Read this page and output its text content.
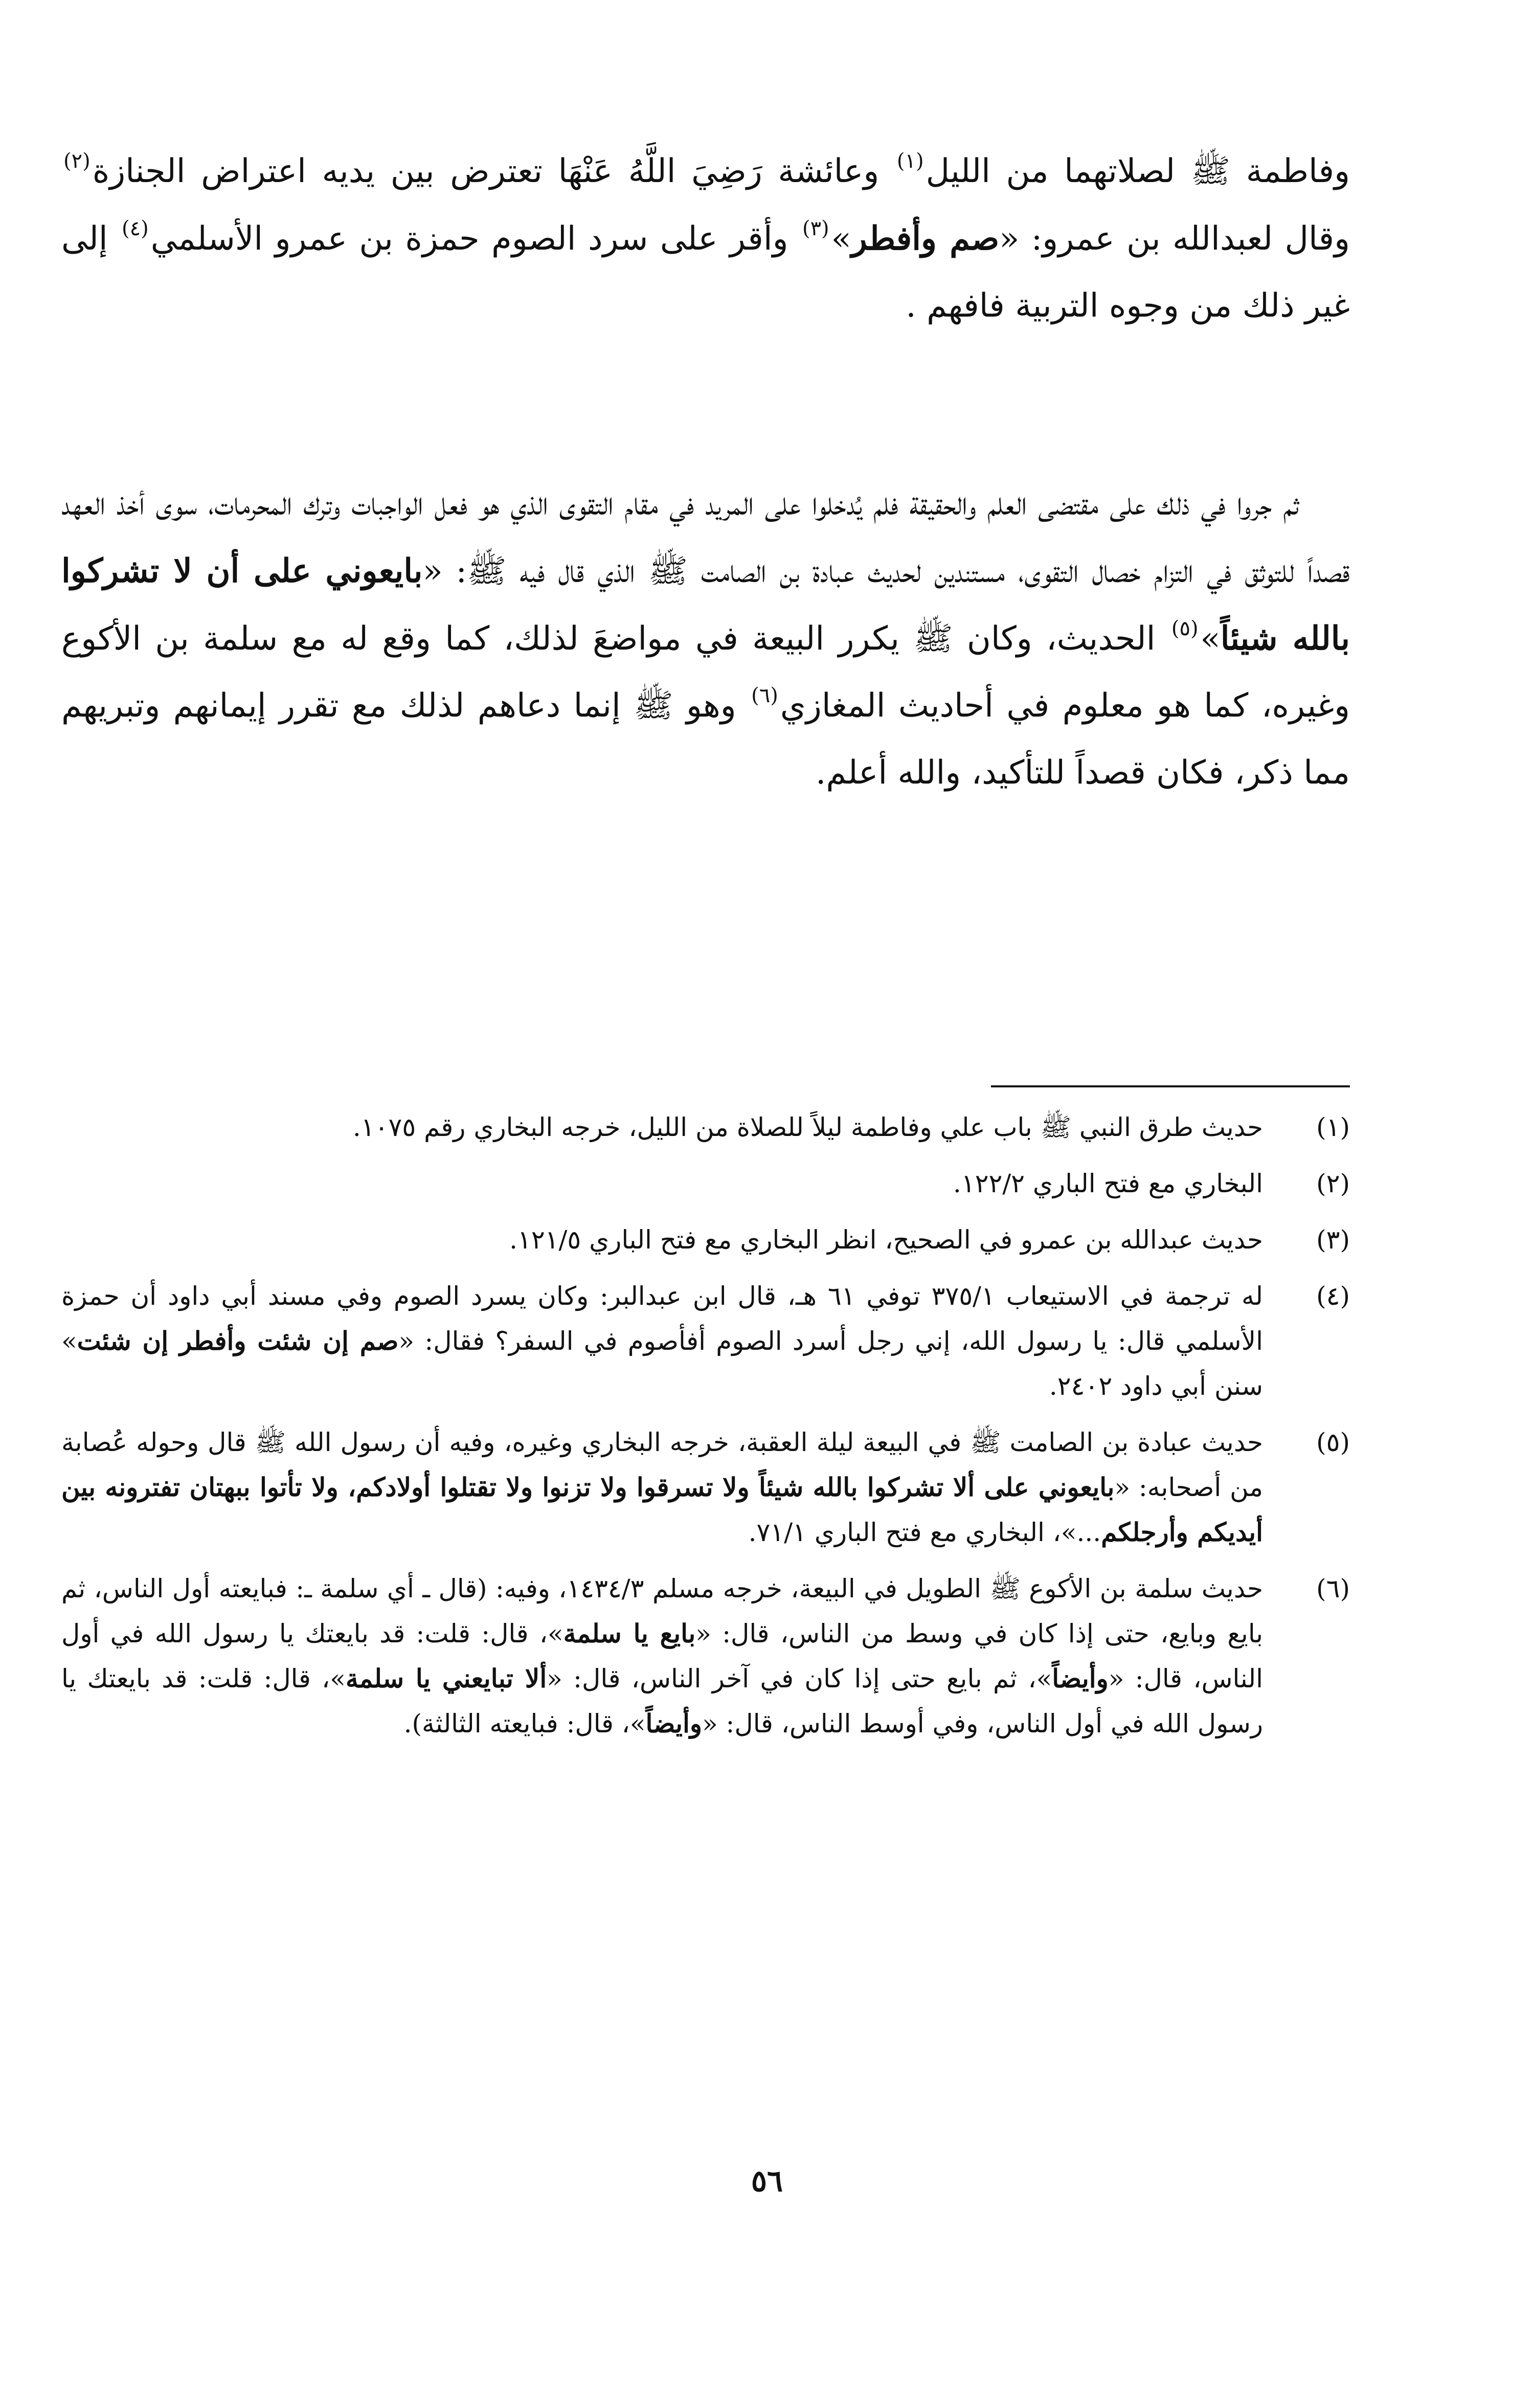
وفاطمة ﷺ لصلاتهما من الليل$^{(١)}$ وعائشة رَضِيَ اللَّهُ عَنْهَا تعترض بين يديه اعتراض الجنازة$^{(٢)}$ وقال لعبدالله بن عمرو: «صم وأفطر»$^{(٣)}$ وأقر على سرد الصوم حمزة بن عمرو الأسلمي$^{(٤)}$ إلى غير ذلك من وجوه التربية فافهم .

ثم جروا في ذلك على مقتضى العلم والحقيقة فلم يُدخلوا على المريد في مقام التقوى الذي هو فعل الواجبات وترك المحرمات، سوى أخذ العهد قصداً للتوثق في التزام خصال التقوى، مستندين لحديث عبادة بن الصامت ﷺ الذي قال فيه ﷺ: «بايعوني على أن لا تشركوا بالله شيئاً»$^{(٥)}$ الحديث، وكان ﷺ يكرر البيعة في مواضعَ لذلك، كما وقع له مع سلمة بن الأكوع وغيره، كما هو معلوم في أحاديث المغازي$^{(٦)}$ وهو ﷺ إنما دعاهم لذلك مع تقرر إيمانهم وتبريهم مما ذكر، فكان قصداً للتأكيد، والله أعلم.

(١)
حديث طرق النبي ﷺ باب علي وفاطمة ليلاً للصلاة من الليل، خرجه البخاري رقم ١٠٧٥.
(٢)
البخاري مع فتح الباري ١٢٢/٢.
(٣)
حديث عبدالله بن عمرو في الصحيح، انظر البخاري مع فتح الباري ١٢١/٥.
(٤)
له ترجمة في الاستيعاب ٣٧٥/١ توفي ٦١ هـ، قال ابن عبدالبر: وكان يسرد الصوم وفي مسند أبي داود أن حمزة الأسلمي قال: يا رسول الله، إني رجل أسرد الصوم أفأصوم في السفر؟ فقال: «صم إن شئت وأفطر إن شئت» سنن أبي داود ٢٤٠٢.
(٥)
حديث عبادة بن الصامت ﷺ في البيعة ليلة العقبة، خرجه البخاري وغيره، وفيه أن رسول الله ﷺ قال وحوله عُصابة من أصحابه: «بايعوني على ألا تشركوا بالله شيئاً ولا تسرقوا ولا تزنوا ولا تقتلوا أولادكم، ولا تأتوا ببهتان تفترونه بين أيديكم وأرجلكم...»، البخاري مع فتح الباري ٧١/١.
(٦)
حديث سلمة بن الأكوع ﷺ الطويل في البيعة، خرجه مسلم ١٤٣٤/٣، وفيه: (قال ـ أي سلمة ـ: فبايعته أول الناس، ثم بايع وبايع، حتى إذا كان في وسط من الناس، قال: «بايع يا سلمة»، قال: قلت: قد بايعتك يا رسول الله في أول الناس، قال: «وأيضاً»، ثم بايع حتى إذا كان في آخر الناس، قال: «ألا تبايعني يا سلمة»، قال: قلت: قد بايعتك يا رسول الله في أول الناس، وفي أوسط الناس، قال: «وأيضاً»، قال: فبايعته الثالثة).
٥٦
